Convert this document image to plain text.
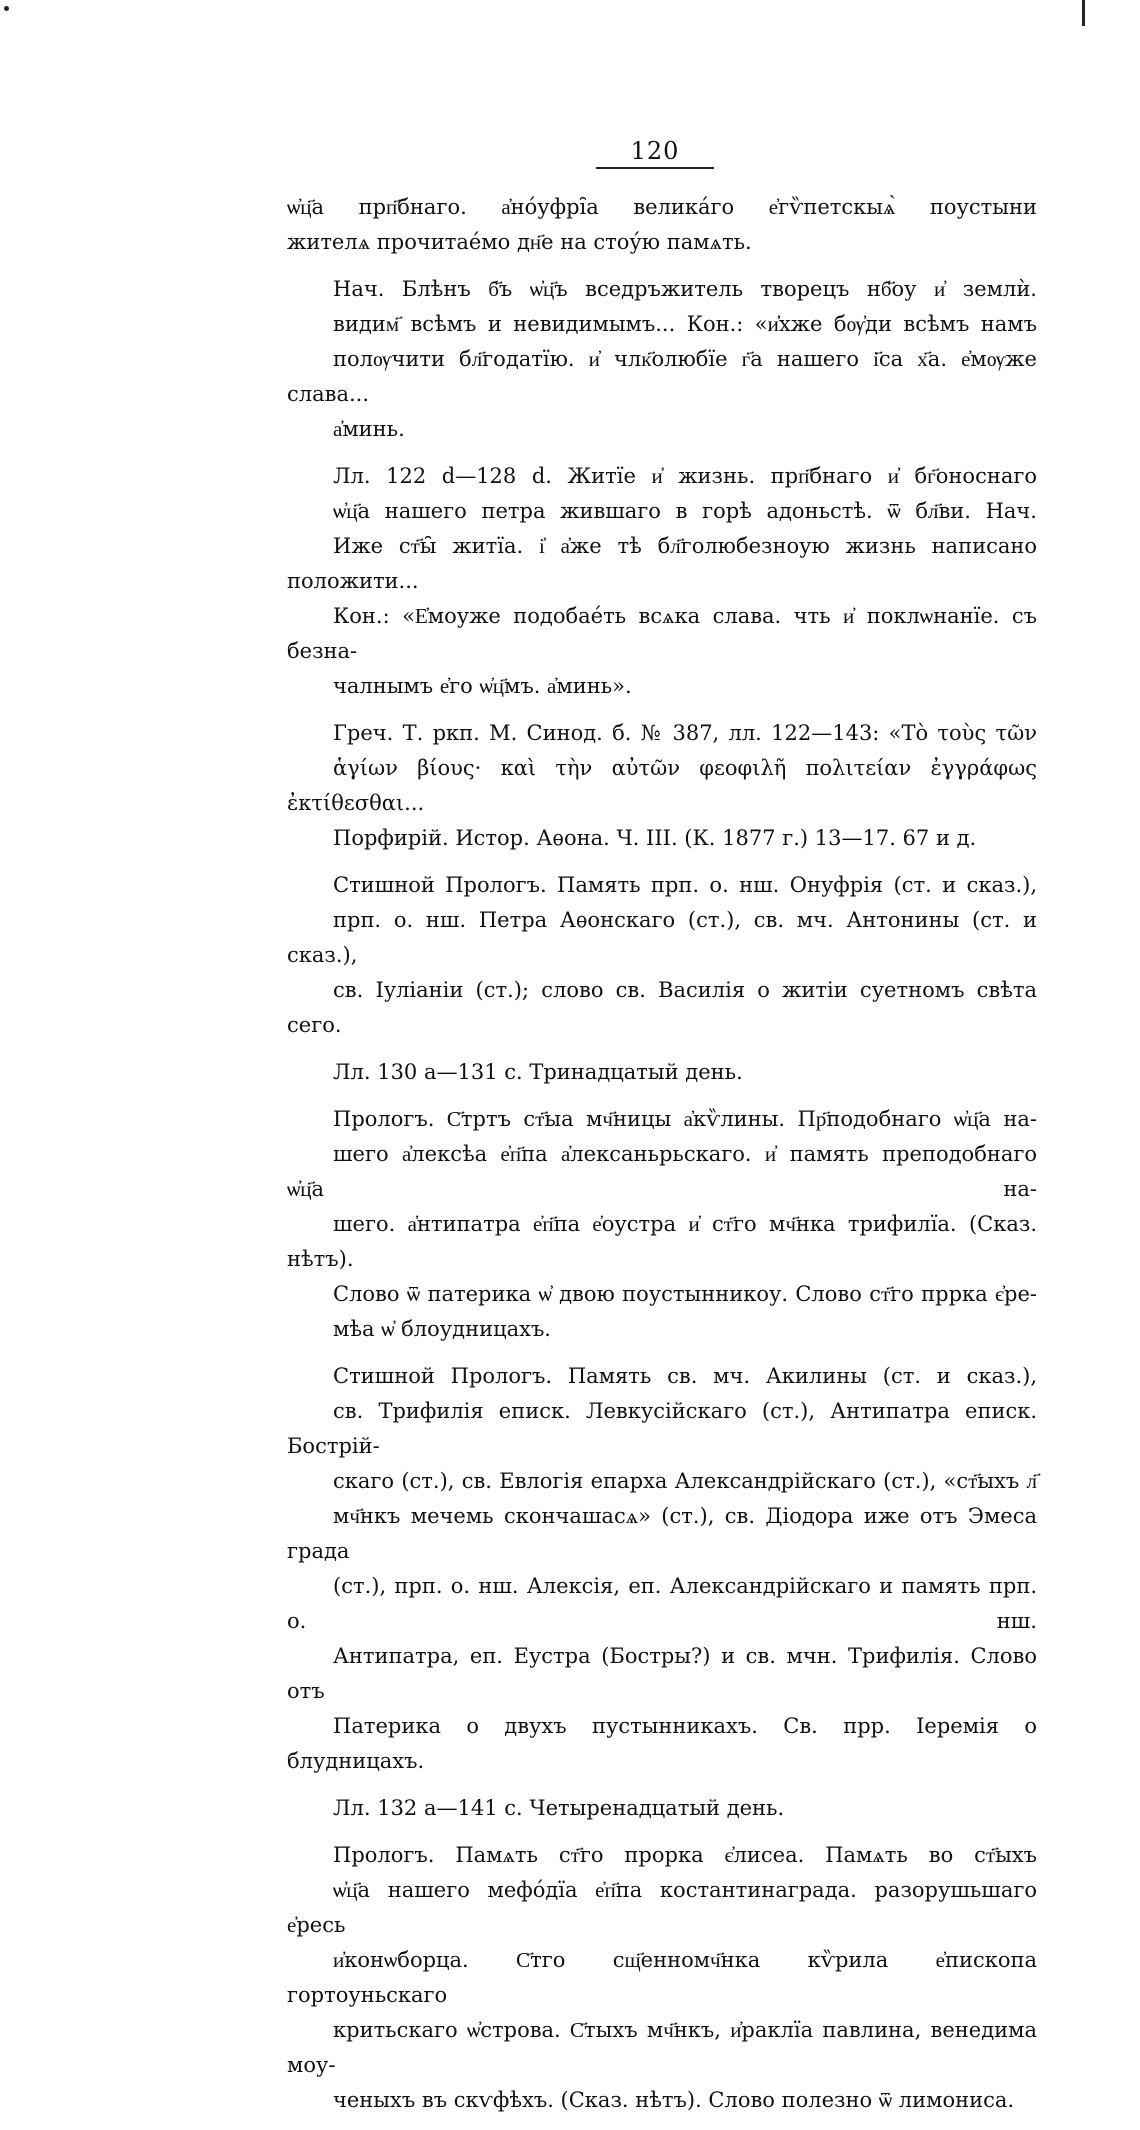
120

ѡ҆ц҃а прп҃бнаго. а҆но́уфрі̑а велика́го е҆гѷпетскыѧ̀ поустыни
жителѧ прочитае́мо дн҃е на стоу́ю памѧть.

Нач. Блѣнъ б҃ъ ѡ҆ц҃ъ вседръжитель творецъ нб҃оу и҆ землѝ.
видим҃ всѣмъ и невидимымъ... Кон.: «и҆҆хже бѹ҆ди всѣмъ намъ
полѹчити бл҃годатїю. и҆ члк҃олюбїе г҃а нашего і҃са х҃а. е҆мѹже слава...
а҆минь.

Лл. 122 d—128 d. Житїе и҆ жизнь. прп҃бнаго и҆ бг҃оноснаго
ѡ҆ц҃а нашего петра жившаго в горѣ адоньстѣ. ѿ бл҃ви. Нач.
Иже ст҃ы̑ житїа. і҆ а҆же тѣ бл҃голюбезноую жизнь написано положити...
Кон.: «Е҆моуже подобае́ть всѧка слава. чть и҆ поклѡнанїе. съ безна-
чалнымъ е҆го ѡ҆ц҃мъ. а҆минь».

Греч. Т. ркп. М. Синод. б. № 387, лл. 122—143: «Τὸ τοὺς τῶν
ἁγίων βίους· καὶ τὴν αὐτῶν φεοφιλῆ πολιτείαν ἐγγράφως ἐκτίθεσθαι...
Порфирій. Истор. Аѳона. Ч. III. (К. 1877 г.) 13—17. 67 и д.

Стишной Прологъ. Память прп. о. нш. Онуфрія (ст. и сказ.),
прп. о. нш. Петра Аѳонскаго (ст.), св. мч. Антонины (ст. и сказ.),
св. Іуліаніи (ст.); слово св. Василія о житіи суетномъ свѣта сего.

Лл. 130 а—131 с. Тринадцатый день.

Прологъ. С҃тртъ ст҃ыа мч҃ницы а҆кѷлины. Пр҃подобнаго ѡ҆ц҃а на-
шего а҆лексѣа е҆п҃па а҆лексаньрьскаго. и҆ память преподобнаго ѡ҆ц҃а на-
шего. а҆нтипатра е҆п҃па е҆оустра и҆ ст҃го мч҃нка трифилїа. (Сказ. нѣтъ).
Слово ѿ патерика ѡ҆ двою поустынникоу. Слово ст҃го пррка є҆ре-
мѣа ѡ҆ блоудницахъ.

Стишной Прологъ. Память св. мч. Акилины (ст. и сказ.),
св. Трифилія еписк. Левкусійскаго (ст.), Антипатра еписк. Бострій-
скаго (ст.), св. Евлогія епарха Александрійскаго (ст.), «ст҃ыхъ л҃
мч҃нкъ мечемь скончашасѧ» (ст.), св. Діодора иже отъ Эмеса града
(ст.), прп. о. нш. Алексія, еп. Александрійскаго и память прп. о. нш.
Антипатра, еп. Еустра (Бостры?) и св. мчн. Трифилія. Слово отъ
Патерика о двухъ пустынникахъ. Св. прр. Іеремія о блудницахъ.

Лл. 132 а—141 с. Четыренадцатый день.

Прологъ. Памѧть ст҃го прорка є҆лисеа. Памѧть во ст҃ыхъ
ѡ҆ц҃а нашего мефо́дїа е҆п҃па костантинаграда. разорушьшаго е҆ресь
и҆конѡборца. С҃тго сщ҃енномч҃нка кѷрила е҆пископа гортоуньскаго
критьскаго ѡ҆строва. С҃тыхъ мч҃нкъ, и҆раклїа павлина, венедима моу-
ченыхъ въ скѵфѣхъ. (Сказ. нѣтъ). Слово полезно ѿ лимониса.
